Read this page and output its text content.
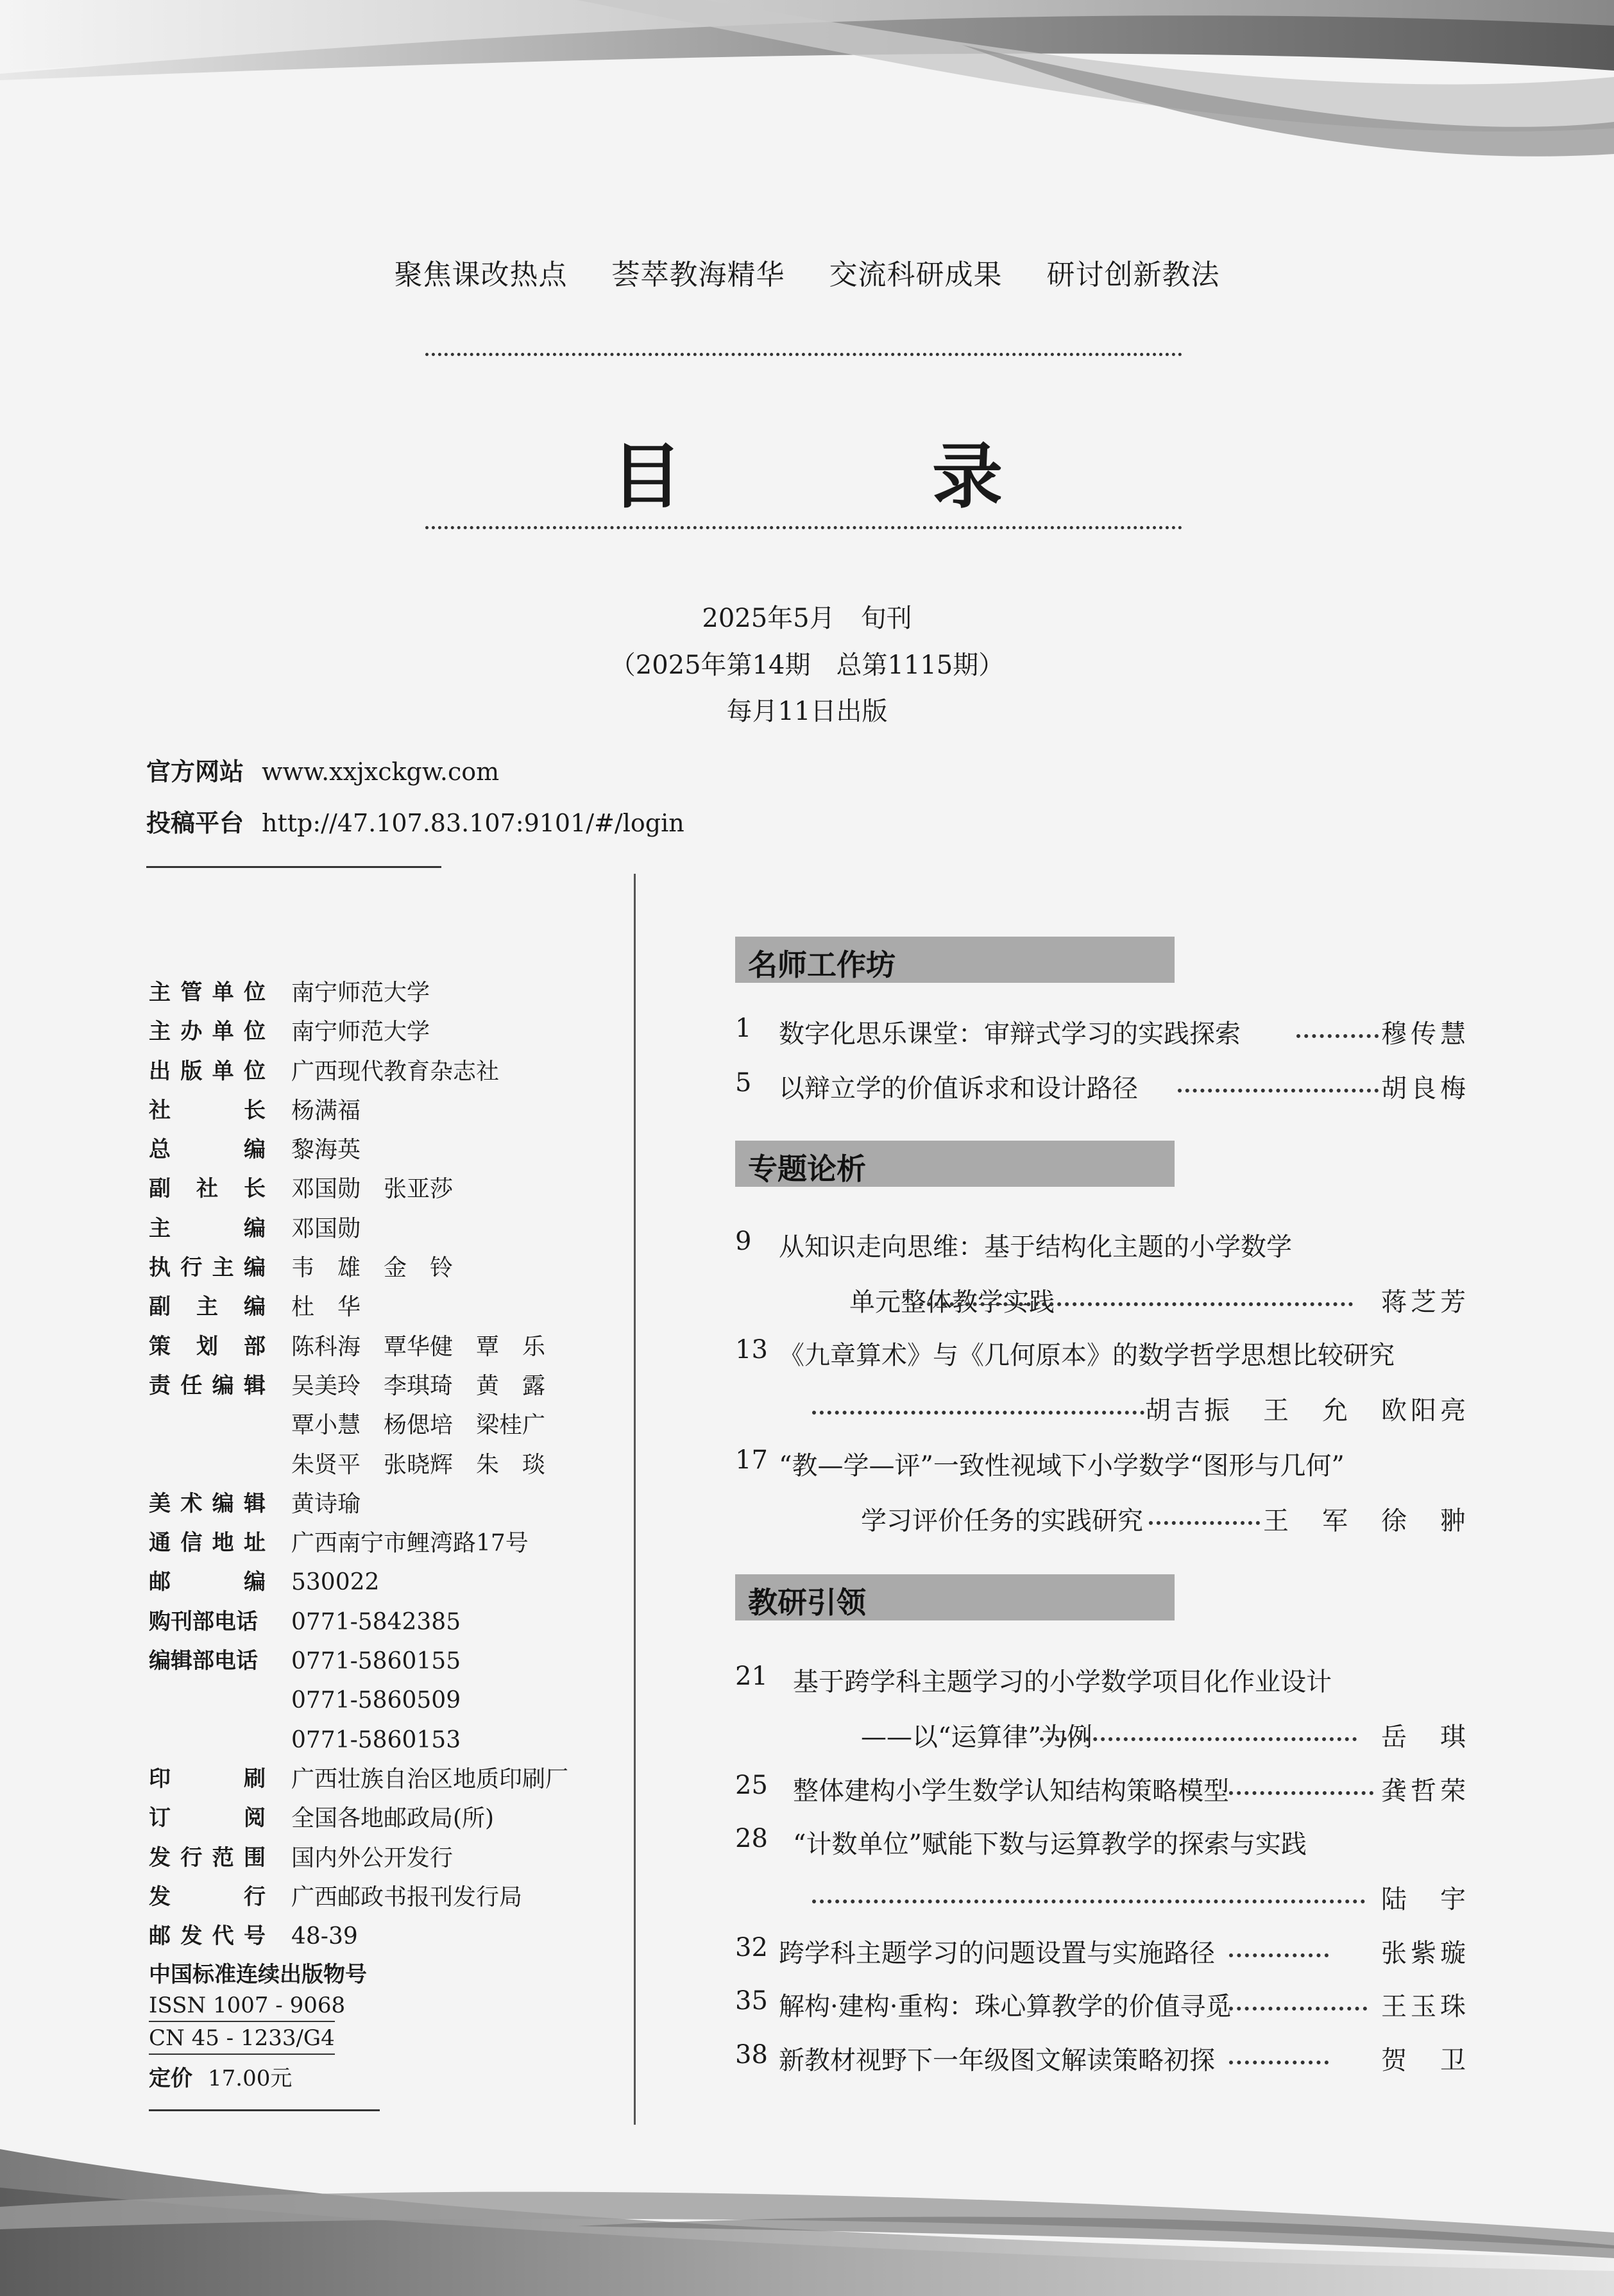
聚焦课改热点 荟萃教海精华 交流科研成果 研讨创新教法
目　录
2025年5月　旬刊
（2025年第14期　总第1115期）
每月11日出版
官方网站 www.xxjxckgw.com
投稿平台 http://47.107.83.107:9101/#/login
主 管 单 位 南宁师范大学
主 办 单 位 南宁师范大学
出 版 单 位 广西现代教育杂志社
社	长 杨满福
总	编 黎海英
副 社 长 邓国勋　张亚莎
主	编 邓国勋
执 行 主 编 韦　雄　金　铃
副 主 编 杜　华
策 划 部 陈科海　覃华健　覃　乐
责 任 编 辑 吴美玲　李琪琦　黄　露
覃小慧　杨偲培　梁桂广
朱贤平　张晓辉　朱　琰
美 术 编 辑 黄诗瑜
通 信 地 址 广西南宁市鲤湾路17号
邮	编 530022
购刊部电话	0771-5842385
编辑部电话	0771-5860155
0771-5860509
0771-5860153
印	刷 广西壮族自治区地质印刷厂
订	阅 全国各地邮政局(所)
发 行 范 围 国内外公开发行
发	行 广西邮政书报刊发行局
邮 发 代 号 48-39
中国标准连续出版物号
ISSN 1007 - 9068
CN 45 - 1233/G4
定价 17.00元
名师工作坊
1	数字化思乐课堂：审辩式学习的实践探索	穆传慧
5	以辩立学的价值诉求和设计路径	胡良梅
专题论析
9	从知识走向思维：基于结构化主题的小学数学
单元整体教学实践	蒋芝芳
13 《九章算术》与《几何原本》的数学哲学思想比较研究
胡吉振　王　允　欧阳亮
17 “教—学—评”一致性视域下小学数学“图形与几何”
学习评价任务的实践研究	王　军　徐　翀
教研引领
21 基于跨学科主题学习的小学数学项目化作业设计
——以“运算律”为例	岳　琪
25 整体建构小学生数学认知结构策略模型	龚哲荣
28 “计数单位”赋能下数与运算教学的探索与实践
陆　宇
32 跨学科主题学习的问题设置与实施路径	张紫璇
35 解构·建构·重构：珠心算教学的价值寻觅	王玉珠
38 新教材视野下一年级图文解读策略初探	贺　卫
